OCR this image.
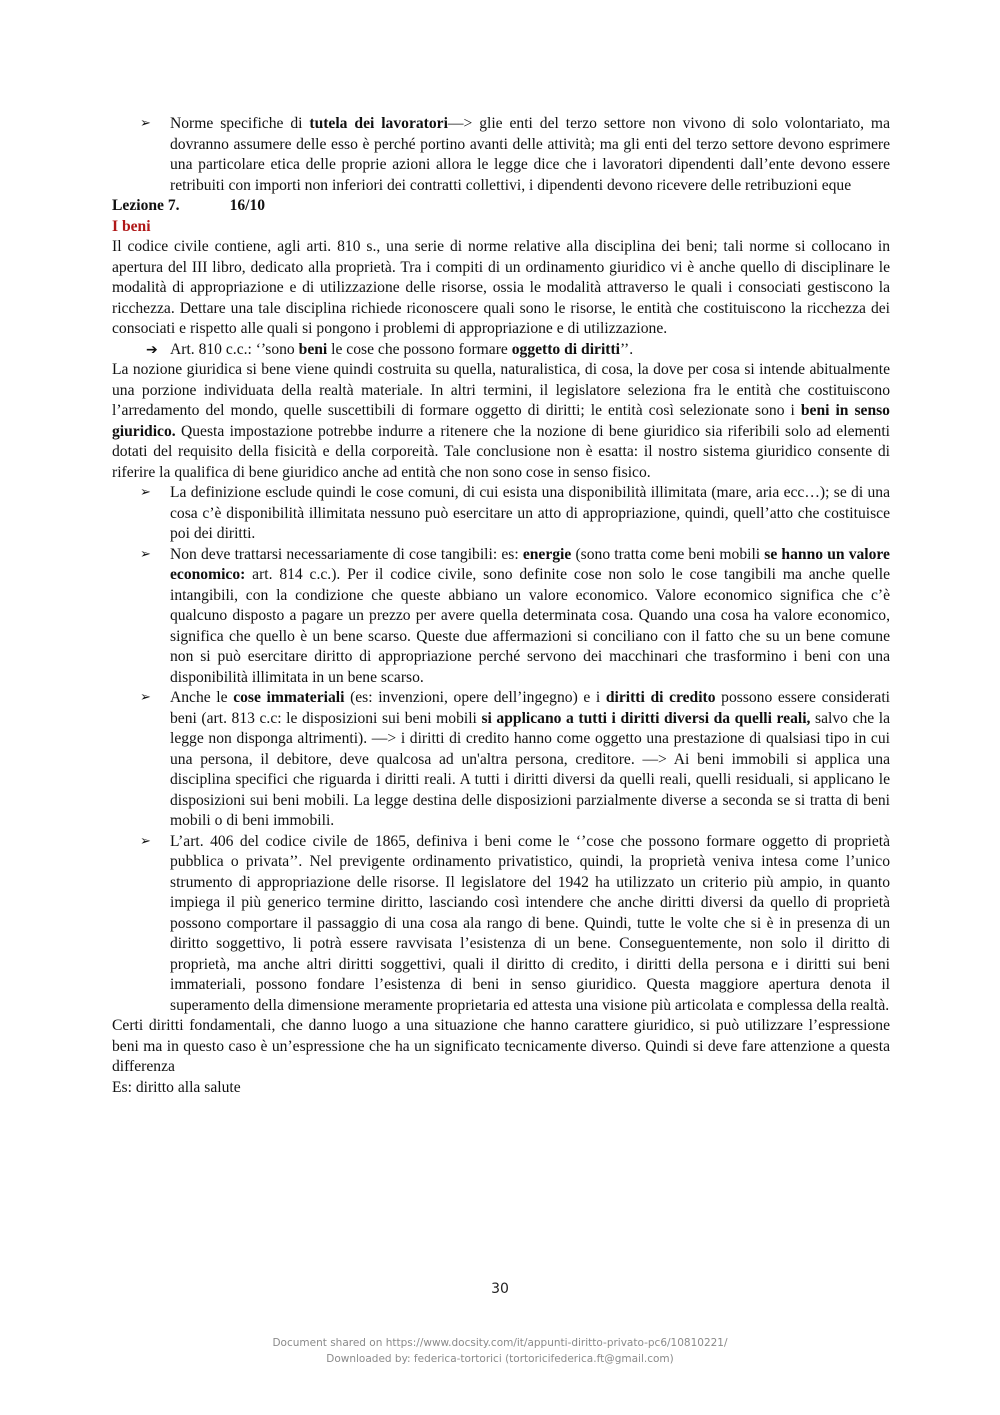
➢ Norme specifiche di tutela dei lavoratori—> glie enti del terzo settore non vivono di solo volontariato, ma dovranno assumere delle esso è perché portino avanti delle attività; ma gli enti del terzo settore devono esprimere una particolare etica delle proprie azioni allora le legge dice che i lavoratori dipendenti dall’ente devono essere retribuiti con importi non inferiori dei contratti collettivi, i dipendenti devono ricevere delle retribuzioni eque

Lezione 7.	16/10

I beni

Il codice civile contiene, agli arti. 810 s., una serie di norme relative alla disciplina dei beni; tali norme si collocano in apertura del III libro, dedicato alla proprietà. Tra i compiti di un ordinamento giuridico vi è anche quello di disciplinare le modalità di appropriazione e di utilizzazione delle risorse, ossia le modalità attraverso le quali i consociati gestiscono la ricchezza. Dettare una tale disciplina richiede riconoscere quali sono le risorse, le entità che costituiscono la ricchezza dei consociati e rispetto alle quali si pongono i problemi di appropriazione e di utilizzazione.

➔ Art. 810 c.c.: ‘’sono beni le cose che possono formare oggetto di diritti’’.

La nozione giuridica si bene viene quindi costruita su quella, naturalistica, di cosa, la dove per cosa si intende abitualmente una porzione individuata della realtà materiale. In altri termini, il legislatore seleziona fra le entità che costituiscono l’arredamento del mondo, quelle suscettibili di formare oggetto di diritti; le entità così selezionate sono i beni in senso giuridico. Questa impostazione potrebbe indurre a ritenere che la nozione di bene giuridico sia riferibili solo ad elementi dotati del requisito della fisicità e della corporeità. Tale conclusione non è esatta: il nostro sistema giuridico consente di riferire la qualifica di bene giuridico anche ad entità che non sono cose in senso fisico.

➢ La definizione esclude quindi le cose comuni, di cui esista una disponibilità illimitata (mare, aria ecc…); se di una cosa c’è disponibilità illimitata nessuno può esercitare un atto di appropriazione, quindi, quell’atto che costituisce poi dei diritti.
➢ Non deve trattarsi necessariamente di cose tangibili: es: energie (sono tratta come beni mobili se hanno un valore economico: art. 814 c.c.). Per il codice civile, sono definite cose non solo le cose tangibili ma anche quelle intangibili, con la condizione che queste abbiano un valore economico. Valore economico significa che c’è qualcuno disposto a pagare un prezzo per avere quella determinata cosa. Quando una cosa ha valore economico, significa che quello è un bene scarso. Queste due affermazioni si conciliano con il fatto che su un bene comune non si può esercitare diritto di appropriazione perché servono dei macchinari che trasformino i beni con una disponibilità illimitata in un bene scarso.
➢ Anche le cose immateriali (es: invenzioni, opere dell’ingegno) e i diritti di credito possono essere considerati beni (art. 813 c.c: le disposizioni sui beni mobili si applicano a tutti i diritti diversi da quelli reali, salvo che la legge non disponga altrimenti). —> i diritti di credito hanno come oggetto una prestazione di qualsiasi tipo in cui una persona, il debitore, deve qualcosa ad un'altra persona, creditore. —> Ai beni immobili si applica una disciplina specifici che riguarda i diritti reali. A tutti i diritti diversi da quelli reali, quelli residuali, si applicano le disposizioni sui beni mobili. La legge destina delle disposizioni parzialmente diverse a seconda se si tratta di beni mobili o di beni immobili.
➢ L’art. 406 del codice civile de 1865, definiva i beni come le ‘’cose che possono formare oggetto di proprietà pubblica o privata’’. Nel previgente ordinamento privatistico, quindi, la proprietà veniva intesa come l’unico strumento di appropriazione delle risorse. Il legislatore del 1942 ha utilizzato un criterio più ampio, in quanto impiega il più generico termine diritto, lasciando così intendere che anche diritti diversi da quello di proprietà possono comportare il passaggio di una cosa ala rango di bene. Quindi, tutte le volte che si è in presenza di un diritto soggettivo, li potrà essere ravvisata l’esistenza di un bene. Conseguentemente, non solo il diritto di proprietà, ma anche altri diritti soggettivi, quali il diritto di credito, i diritti della persona e i diritti sui beni immateriali, possono fondare l’esistenza di beni in senso giuridico. Questa maggiore apertura denota il superamento della dimensione meramente proprietaria ed attesta una visione più articolata e complessa della realtà.

Certi diritti fondamentali, che danno luogo a una situazione che hanno carattere giuridico, si può utilizzare l’espressione beni ma in questo caso è un’espressione che ha un significato tecnicamente diverso. Quindi si deve fare attenzione a questa differenza

Es: diritto alla salute

30
Document shared on https://www.docsity.com/it/appunti-diritto-privato-pc6/10810221/
Downloaded by: federica-tortorici (tortoricifederica.ft@gmail.com)
